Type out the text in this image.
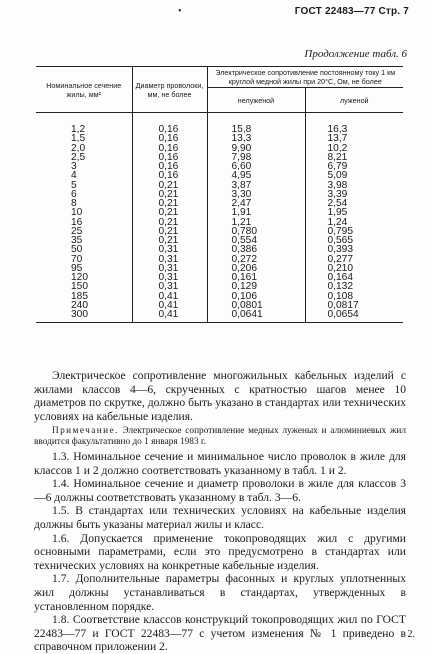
•	ГОСТ 22483—77 Стр. 7
Продолжение табл. 6
Номинальное сечение жилы, мм²	Диаметр проволоки, мм, не более	Электрическое сопротивление постоянному току 1 км круглой медной жилы при 20°С, Ом, не более	
		нелуженой	луженой
1,2	0,16	15,8	16,3
1,5	0,16	13,3	13,7
2,0	0,16	9,90	10,2
2,5	0,16	7,98	8,21
3	0,16	6,60	6,79
4	0,16	4,95	5,09
5	0,21	3,87	3,98
6	0,21	3,30	3,39
8	0,21	2,47	2,54
10	0,21	1,91	1,95
16	0,21	1,21	1,24
25	0,21	0,780	0,795
35	0,21	0,554	0,565
50	0,31	0,386	0,393
70	0,31	0,272	0,277
95	0,31	0,206	0,210
120	0,31	0,161	0,164
150	0,31	0,129	0,132
185	0,41	0,106	0,108
240	0,41	0,0801	0,0817
300	0,41	0,0641	0,0654

Электрическое сопротивление многожильных кабельных изделий с жилами классов 4—6, скрученных с кратностью шагов менее 10 диаметров по скрутке, должно быть указано в стандартах или технических условиях на кабельные изделия.

Примечание. Электрическое сопротивление медных луженых и алюминиевых жил вводится факультативно до 1 января 1983 г.

1.3. Номинальное сечение и минимальное число проволок в жиле для классов 1 и 2 должно соответствовать указанному в табл. 1 и 2.

1.4. Номинальное сечение и диаметр проволоки в жиле для классов 3—6 должны соответствовать указанному в табл. 3—6.

1.5. В стандартах или технических условиях на кабельные изделия должны быть указаны материал жилы и класс.

1.6. Допускается применение токопроводящих жил с другими основными параметрами, если это предусмотрено в стандартах или технических условиях на конкретные кабельные изделия.

1.7. Дополнительные параметры фасонных и круглых уплотненных жил должны устанавливаться в стандартах, утвержденных в установленном порядке.

1.8. Соответствие классов конструкций токопроводящих жил по ГОСТ 22483—77 и ГОСТ 22483—77 с учетом изменения № 1 приведено в справочном приложении 2.

2.
